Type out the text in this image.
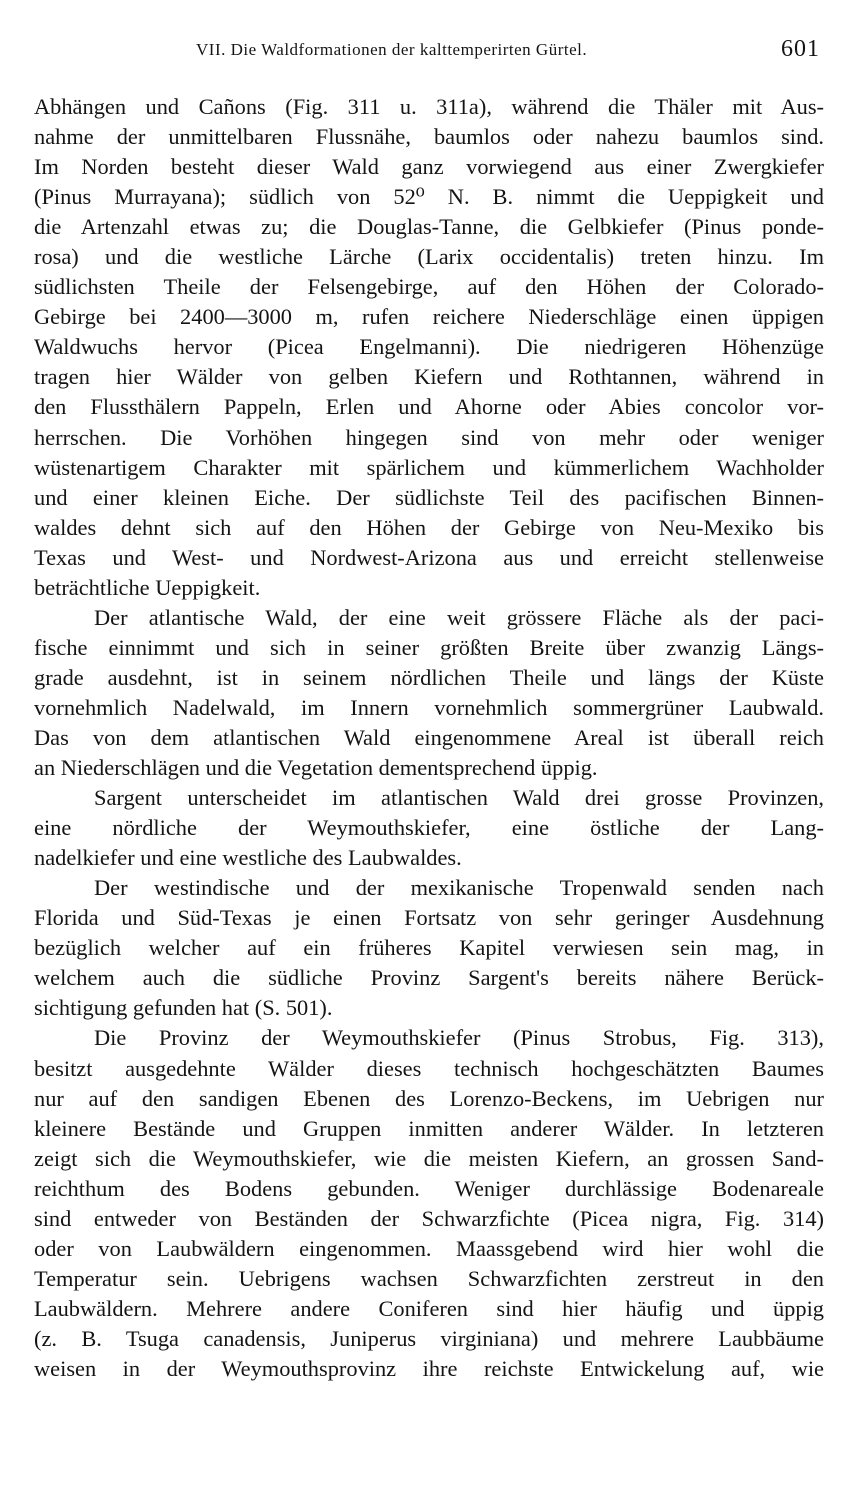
VII. Die Waldformationen der kalttemperirten Gürtel.	601
Abhängen und Cañons (Fig. 311 u. 311a), während die Thäler mit Aus-
nahme der unmittelbaren Flussnähe, baumlos oder nahezu baumlos sind.
Im Norden besteht dieser Wald ganz vorwiegend aus einer Zwergkiefer
(Pinus Murrayana); südlich von 52⁰ N. B. nimmt die Ueppigkeit und
die Artenzahl etwas zu; die Douglas-Tanne, die Gelbkiefer (Pinus ponde-
rosa) und die westliche Lärche (Larix occidentalis) treten hinzu. Im
südlichsten Theile der Felsengebirge, auf den Höhen der Colorado-
Gebirge bei 2400—3000 m, rufen reichere Niederschläge einen üppigen
Waldwuchs hervor (Picea Engelmanni). Die niedrigeren Höhenzüge
tragen hier Wälder von gelben Kiefern und Rothtannen, während in
den Flussthälern Pappeln, Erlen und Ahorne oder Abies concolor vor-
herrschen. Die Vorhöhen hingegen sind von mehr oder weniger
wüstenartigem Charakter mit spärlichem und kümmerlichem Wachholder
und einer kleinen Eiche. Der südlichste Teil des pacifischen Binnen-
waldes dehnt sich auf den Höhen der Gebirge von Neu-Mexiko bis
Texas und West- und Nordwest-Arizona aus und erreicht stellenweise
beträchtliche Ueppigkeit.
Der atlantische Wald, der eine weit grössere Fläche als der paci-
fische einnimmt und sich in seiner größten Breite über zwanzig Längs-
grade ausdehnt, ist in seinem nördlichen Theile und längs der Küste
vornehmlich Nadelwald, im Innern vornehmlich sommergrüner Laubwald.
Das von dem atlantischen Wald eingenommene Areal ist überall reich
an Niederschlägen und die Vegetation dementsprechend üppig.
Sargent unterscheidet im atlantischen Wald drei grosse Provinzen,
eine nördliche der Weymouthskiefer, eine östliche der Lang-
nadelkiefer und eine westliche des Laubwaldes.
Der westindische und der mexikanische Tropenwald senden nach
Florida und Süd-Texas je einen Fortsatz von sehr geringer Ausdehnung
bezüglich welcher auf ein früheres Kapitel verwiesen sein mag, in
welchem auch die südliche Provinz Sargent's bereits nähere Berück-
sichtigung gefunden hat (S. 501).
Die Provinz der Weymouthskiefer (Pinus Strobus, Fig. 313),
besitzt ausgedehnte Wälder dieses technisch hochgeschätzten Baumes
nur auf den sandigen Ebenen des Lorenzo-Beckens, im Uebrigen nur
kleinere Bestände und Gruppen inmitten anderer Wälder. In letzteren
zeigt sich die Weymouthskiefer, wie die meisten Kiefern, an grossen Sand-
reichthum des Bodens gebunden. Weniger durchlässige Bodenareale
sind entweder von Beständen der Schwarzfichte (Picea nigra, Fig. 314)
oder von Laubwäldern eingenommen. Maassgebend wird hier wohl die
Temperatur sein. Uebrigens wachsen Schwarzfichten zerstreut in den
Laubwäldern. Mehrere andere Coniferen sind hier häufig und üppig
(z. B. Tsuga canadensis, Juniperus virginiana) und mehrere Laubbäume
weisen in der Weymouthsprovinz ihre reichste Entwickelung auf, wie
